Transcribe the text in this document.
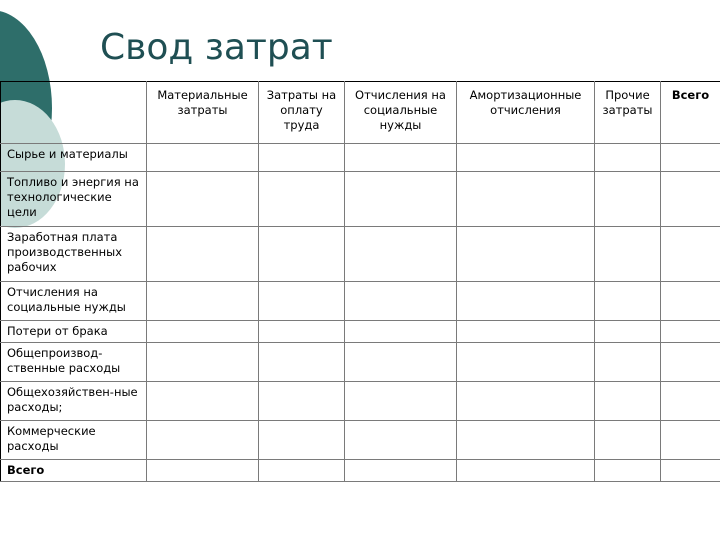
Свод затрат
	Материальные затраты	Затраты на оплату труда	Отчисления на социальные нужды	Амортизационные отчисления	Прочие затраты	Всего
Сырье и материалы						
Топливо и энергия на технологические цели						
Заработная плата производственных рабочих						
Отчисления на социальные нужды						
Потери от брака						
Общепроизвод-ственные расходы						
Общехозяйствен-ные расходы;						
Коммерческие расходы						
Всего						
